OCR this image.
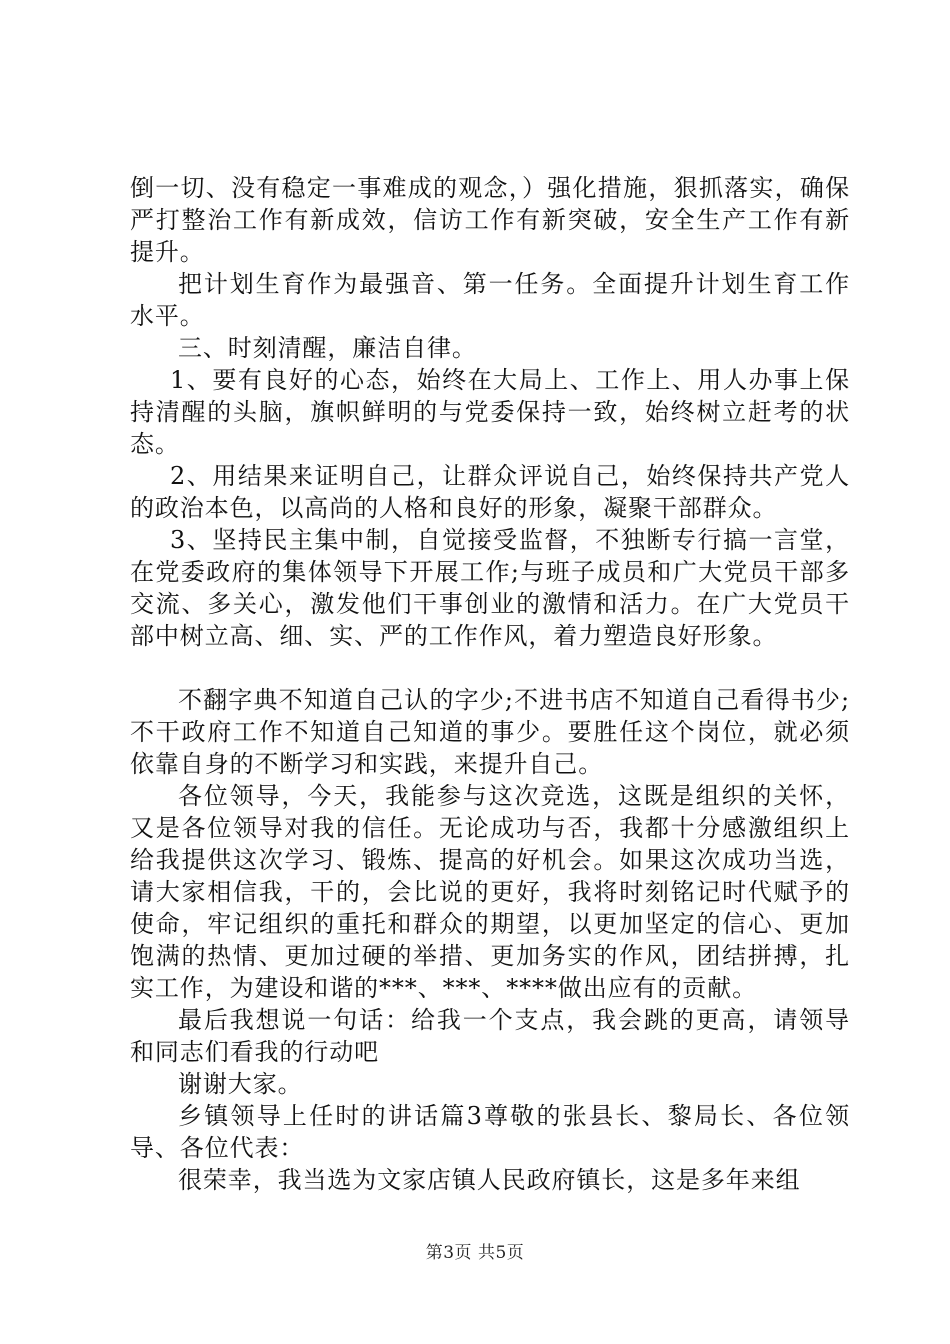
倒一切、没有稳定一事难成的观念，）强化措施，狠抓落实，确保严打整治工作有新成效，信访工作有新突破，安全生产工作有新提升。

把计划生育作为最强音、第一任务。全面提升计划生育工作水平。

三、时刻清醒，廉洁自律。

1、要有良好的心态，始终在大局上、工作上、用人办事上保持清醒的头脑，旗帜鲜明的与党委保持一致，始终树立赶考的状态。

2、用结果来证明自己，让群众评说自己，始终保持共产党人的政治本色，以高尚的人格和良好的形象，凝聚干部群众。

3、坚持民主集中制，自觉接受监督，不独断专行搞一言堂，在党委政府的集体领导下开展工作;与班子成员和广大党员干部多交流、多关心，激发他们干事创业的激情和活力。在广大党员干部中树立高、细、实、严的工作作风，着力塑造良好形象。

不翻字典不知道自己认的字少;不进书店不知道自己看得书少;不干政府工作不知道自己知道的事少。要胜任这个岗位，就必须依靠自身的不断学习和实践，来提升自己。

各位领导，今天，我能参与这次竞选，这既是组织的关怀，又是各位领导对我的信任。无论成功与否，我都十分感激组织上给我提供这次学习、锻炼、提高的好机会。如果这次成功当选，请大家相信我，干的，会比说的更好，我将时刻铭记时代赋予的使命，牢记组织的重托和群众的期望，以更加坚定的信心、更加饱满的热情、更加过硬的举措、更加务实的作风，团结拼搏，扎实工作，为建设和谐的***、***、****做出应有的贡献。

最后我想说一句话：给我一个支点，我会跳的更高，请领导和同志们看我的行动吧

谢谢大家。

乡镇领导上任时的讲话篇3尊敬的张县长、黎局长、各位领导、各位代表：

很荣幸，我当选为文家店镇人民政府镇长，这是多年来组

第3页 共5页
